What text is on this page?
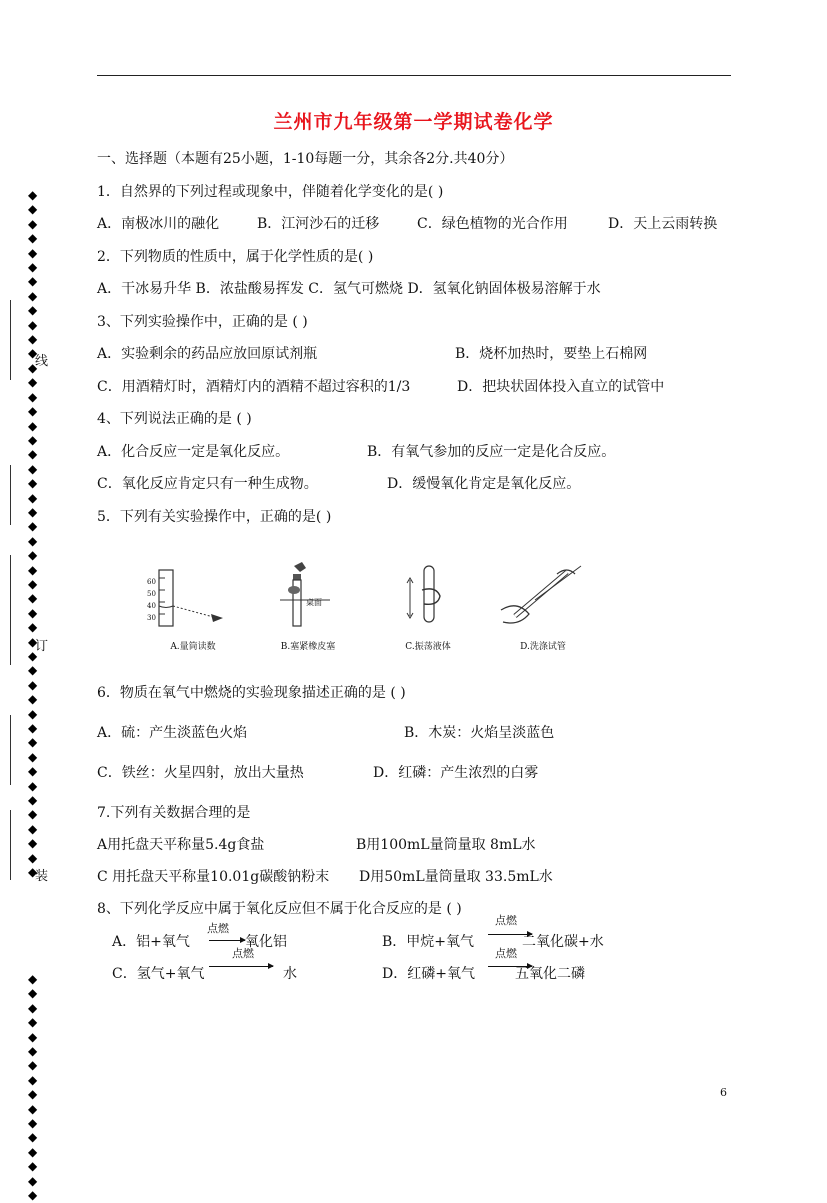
兰州市九年级第一学期试卷化学
一、选择题（本题有25小题，1-10每题一分，其余各2分.共40分）
1．自然界的下列过程或现象中，伴随着化学变化的是( )
A．南极冰川的融化	B．江河沙石的迁移	C．绿色植物的光合作用	D．天上云雨转换
2．下列物质的性质中，属于化学性质的是( )
A．干冰易升华 B．浓盐酸易挥发 C．氢气可燃烧 D．氢氧化钠固体极易溶解于水
3、下列实验操作中，正确的是 ( )
A．实验剩余的药品应放回原试剂瓶	B．烧杯加热时，要垫上石棉网
C．用酒精灯时，酒精灯内的酒精不超过容积的1/3	D．把块状固体投入直立的试管中
4、下列说法正确的是 ( )
A．化合反应一定是氧化反应。	B．有氧气参加的反应一定是化合反应。
C．氧化反应肯定只有一种生成物。	D．缓慢氧化肯定是氧化反应。
5．下列有关实验操作中，正确的是( )
60
50
40
30
A.量筒读数
桌面
B.塞紧橡皮塞	C.振荡液体	D.洗涤试管
6．物质在氧气中燃烧的实验现象描述正确的是 ( )
A．硫：产生淡蓝色火焰	B．木炭：火焰呈淡蓝色
C．铁丝：火星四射，放出大量热	D．红磷：产生浓烈的白雾
7.下列有关数据合理的是
A用托盘天平称量5.4g食盐	B用100mL量筒量取 8mL水
C 用托盘天平称量10.01g碳酸钠粉末 D用50mL量筒量取 33.5mL水
8、下列化学反应中属于氧化反应但不属于化合反应的是 ( )
A．铝+氧气
点燃
氧化铝	B．甲烷+氧气
点燃
二氧化碳+水
C．氢气+氧气
点燃
水	D．红磷+氧气
点燃
五氧化二磷
◆◆◆◆◆◆◆◆◆◆◆◆◆◆◆◆◆◆◆◆◆◆◆◆◆◆◆◆◆◆◆◆◆◆◆◆◆◆◆◆◆◆◆◆◆◆◆◆
◆◆◆◆◆◆◆◆◆◆◆◆◆◆◆◆
线
订
装
6
